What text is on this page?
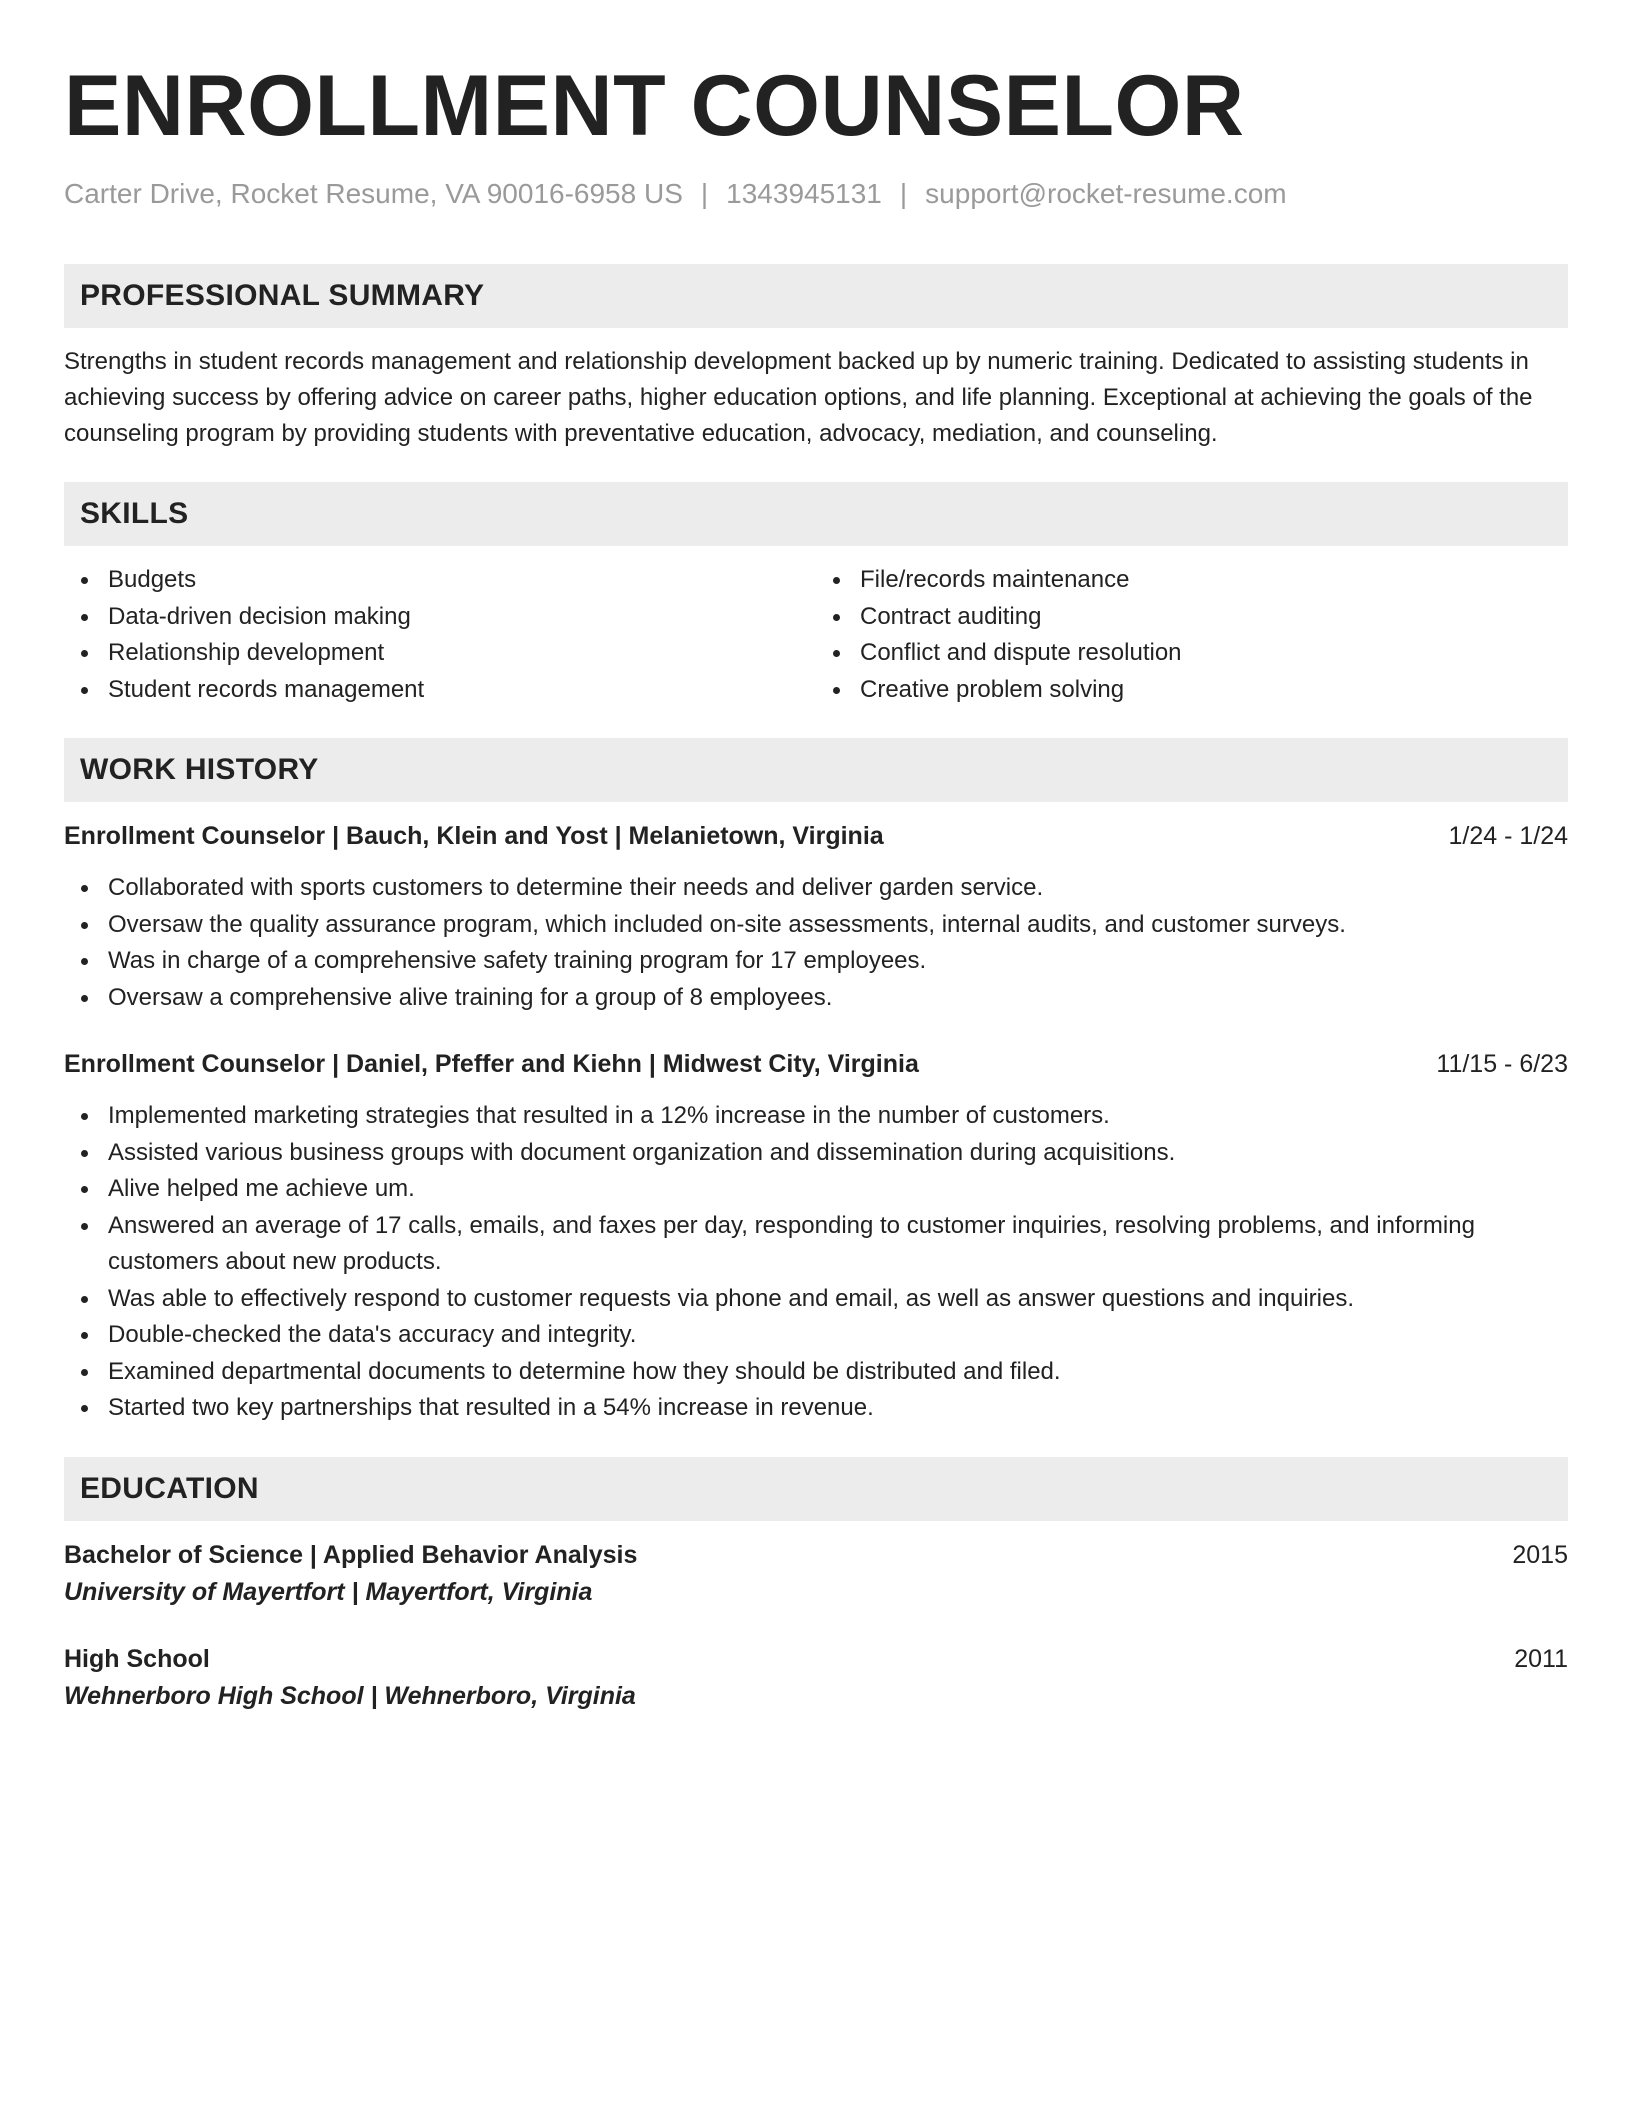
ENROLLMENT COUNSELOR
Carter Drive, Rocket Resume, VA 90016-6958 US | 1343945131 | support@rocket-resume.com
PROFESSIONAL SUMMARY

Strengths in student records management and relationship development backed up by numeric training. Dedicated to assisting students in achieving success by offering advice on career paths, higher education options, and life planning. Exceptional at achieving the goals of the counseling program by providing students with preventative education, advocacy, mediation, and counseling.

SKILLS
Budgets
Data-driven decision making
Relationship development
Student records management
File/records maintenance
Contract auditing
Conflict and dispute resolution
Creative problem solving
WORK HISTORY
Enrollment Counselor | Bauch, Klein and Yost | Melanietown, Virginia	1/24 - 1/24
Collaborated with sports customers to determine their needs and deliver garden service.
Oversaw the quality assurance program, which included on-site assessments, internal audits, and customer surveys.
Was in charge of a comprehensive safety training program for 17 employees.
Oversaw a comprehensive alive training for a group of 8 employees.
Enrollment Counselor | Daniel, Pfeffer and Kiehn | Midwest City, Virginia	11/15 - 6/23
Implemented marketing strategies that resulted in a 12% increase in the number of customers.
Assisted various business groups with document organization and dissemination during acquisitions.
Alive helped me achieve um.
Answered an average of 17 calls, emails, and faxes per day, responding to customer inquiries, resolving problems, and informing customers about new products.
Was able to effectively respond to customer requests via phone and email, as well as answer questions and inquiries.
Double-checked the data's accuracy and integrity.
Examined departmental documents to determine how they should be distributed and filed.
Started two key partnerships that resulted in a 54% increase in revenue.
EDUCATION
Bachelor of Science | Applied Behavior Analysis	2015
University of Mayertfort | Mayertfort, Virginia
High School	2011
Wehnerboro High School | Wehnerboro, Virginia
